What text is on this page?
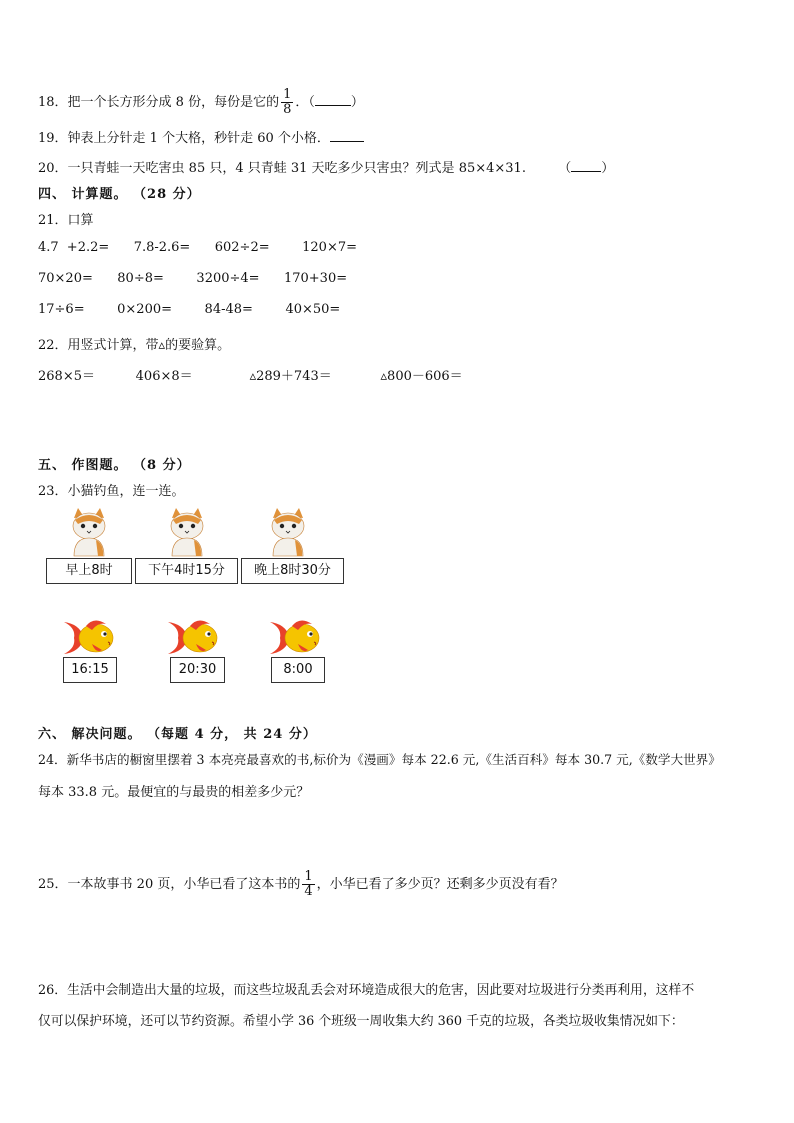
18．把一个长方形分成 8 份，每份是它的 $\frac{1}{8}$ ．（	）
19．钟表上分针走 1 个大格，秒针走 60 个小格．
20．一只青蛙一天吃害虫 85 只，4 只青蛙 31 天吃多少只害虫？列式是 85×4×31. （ ）
四、 计算题。 （28 分）
21．口算
4.7 +2.2= 7.8-2.6= 602÷2=	120×7=
70×20= 80÷8=	3200÷4= 170+30=
17÷6=	0×200=	84-48=	40×50=
22．用竖式计算，带▵的要验算。
268×5＝	406×8＝	▵289＋743＝	▵800－606＝
五、 作图题。 （8 分）
23．小猫钓鱼，连一连。
早上8时	下午4时15分	晚上8时30分
16:15	20:30	8:00
六、 解决问题。 （每题 4 分， 共 24 分）
24．新华书店的橱窗里摆着 3 本亮亮最喜欢的书,标价为《漫画》每本 22.6 元,《生活百科》每本 30.7 元,《数学大世界》
每本 33.8 元。最便宜的与最贵的相差多少元？
25．一本故事书 20 页，小华已看了这本书的 $\frac{1}{4}$ ，小华已看了多少页？还剩多少页没有看？
26．生活中会制造出大量的垃圾，而这些垃圾乱丢会对环境造成很大的危害，因此要对垃圾进行分类再利用，这样不
仅可以保护环境，还可以节约资源。希望小学 36 个班级一周收集大约 360 千克的垃圾，各类垃圾收集情况如下：
